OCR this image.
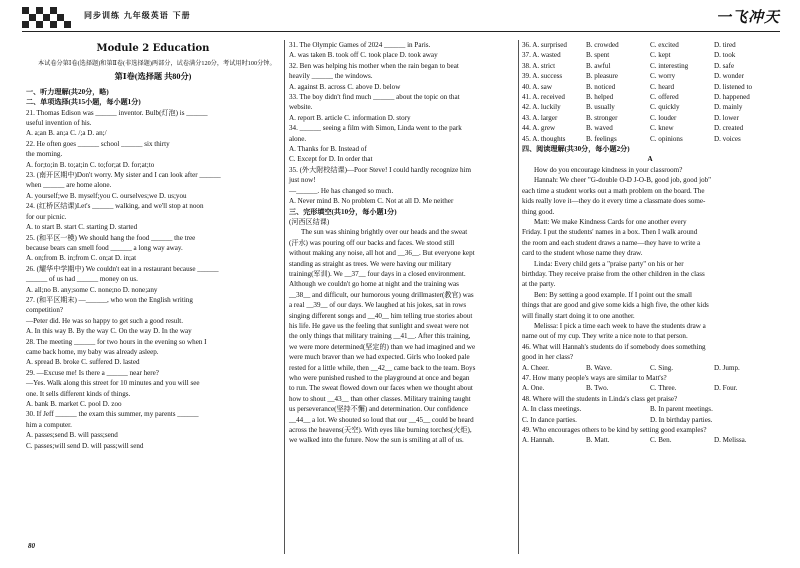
同步训练 九年级英语 下册	一飞冲天

Module 2 Education

本试卷分第Ⅰ卷(选择题)和第Ⅱ卷(非选择题)两部分，试卷满分120分，考试用时100分钟。

第Ⅰ卷(选择题 共80分)

一、听力理解(共20分，略)

二、单项选择(共15小题，每小题1分)

21. Thomas Edison was ______ inventor. Bulb(灯泡) is ______

useful invention of his.

A. a;an B. an;a C. /;a D. an;/

22. He often goes ______ school ______ six thirty

the morning.

A. for;to;in B. to;at;in C. to;for;at D. for;at;to

23. (南开区期中)Don't worry. My sister and I can look after ______

when ______ are home alone.

A. yourself;we B. myself;you C. ourselves;we D. us;you

24. (红桥区结课)Let's ______ walking, and we'll stop at noon

for our picnic.

A. to start B. start C. starting D. started

25. (和平区一模) We should hang the food ______ the tree

because bears can smell food ______ a long way away.

A. on;from B. in;from C. on;at D. in;at

26. (耀华中学期中) We couldn't eat in a restaurant because ______

______ of us had ______ money on us.

A. all;no B. any;some C. none;no D. none;any

27. (和平区期末) —______, who won the English writing

competition?

—Peter did. He was so happy to get such a good result.

A. In this way B. By the way C. On the way D. In the way

28. The meeting ______ for two hours in the evening so when I

came back home, my baby was already asleep.

A. spread B. broke C. suffered D. lasted

29. —Excuse me! Is there a ______ near here?

—Yes. Walk along this street for 10 minutes and you will see

one. It sells different kinds of things.

A. bank B. market C. pool D. zoo

30. If Jeff ______ the exam this summer, my parents ______

him a computer.

A. passes;send B. will pass;send

C. passes;will send D. will pass;will send

80

31. The Olympic Games of 2024 ______ in Paris.

A. was taken B. took off C. took place D. took away

32. Ben was helping his mother when the rain began to beat

heavily ______ the windows.

A. against B. across C. above D. below

33. The boy didn't find much ______ about the topic on that

website.

A. report B. article C. information D. story

34. ______ seeing a film with Simon, Linda went to the park

alone.

A. Thanks for B. Instead of

C. Except for D. In order that

35. (外大附校结课)—Poor Steve! I could hardly recognize him

just now!

—______. He has changed so much.

A. Never mind B. No problem C. Not at all D. Me neither

三、完形填空(共10分，每小题1分)

(河西区结课)

The sun was shining brightly over our heads and the sweat

(汗水) was pouring off our backs and faces. We stood still

without making any noise, all hot and __36__. But everyone kept

standing as straight as trees. We were having our military

training(军训). We __37__ four days in a closed environment.

Although we couldn't go home at night and the training was

__38__ and difficult, our humorous young drillmaster(教官) was

a real __39__ of our days. We laughed at his jokes, sat in rows

singing different songs and __40__ him telling true stories about

his life. He gave us the feeling that sunlight and sweat were not

the only things that military training __41__. After this training,

we were more determined(坚定的) than we had imagined and we

were much braver than we had expected. Girls who looked pale

rested for a little while, then __42__ came back to the team. Boys

who were punished rushed to the playground at once and began

to run. The sweat flowed down our faces when we thought about

how to shout __43__ than other classes. Military training taught

us perseverance(坚持不懈) and determination. Our confidence

__44__ a lot. We shouted so loud that our __45__ could be heard

across the heavens(天空). With eyes like burning torches(火炬),

we walked into the future. Now the sun is smiling at all of us.

36. A. surprised	B. crowded	C. excited	D. tired
37. A. wasted	B. spent	C. kept	D. took
38. A. strict	B. awful	C. interesting	D. safe
39. A. success	B. pleasure	C. worry	D. wonder
40. A. saw	B. noticed	C. heard	D. listened to
41. A. received	B. helped	C. offered	D. happened
42. A. luckily	B. usually	C. quickly	D. mainly
43. A. larger	B. stronger	C. louder	D. lower
44. A. grew	B. waved	C. knew	D. created
45. A. thoughts	B. feelings	C. opinions	D. voices

四、阅读理解(共30分，每小题2分)

A

How do you encourage kindness in your classroom?

Hannah: We cheer "G-double O-D J-O-B, good job, good job"

each time a student works out a math problem on the board. The

kids really love it—they do it every time a classmate does some-

thing good.

Matt: We make Kindness Cards for one another every

Friday. I put the students' names in a box. Then I walk around

the room and each student draws a name—they have to write a

card to the student whose name they draw.

Linda: Every child gets a "praise party" on his or her

birthday. They receive praise from the other children in the class

at the party.

Ben: By setting a good example. If I point out the small

things that are good and give some kids a high five, the other kids

will finally start doing it to one another.

Melissa: I pick a time each week to have the students draw a

name out of my cup. They write a nice note to that person.

46. What will Hannah's students do if somebody does something

good in her class?

A. Cheer.	B. Wave.	C. Sing.	D. Jump.

47. How many people's ways are similar to Matt's?

A. One.	B. Two.	C. Three.	D. Four.

48. Where will the students in Linda's class get praise?

A. In class meetings.	B. In parent meetings.
C. In dance parties.	D. In birthday parties.

49. Who encourages others to be kind by setting good examples?

A. Hannah.	B. Matt.	C. Ben.	D. Melissa.
